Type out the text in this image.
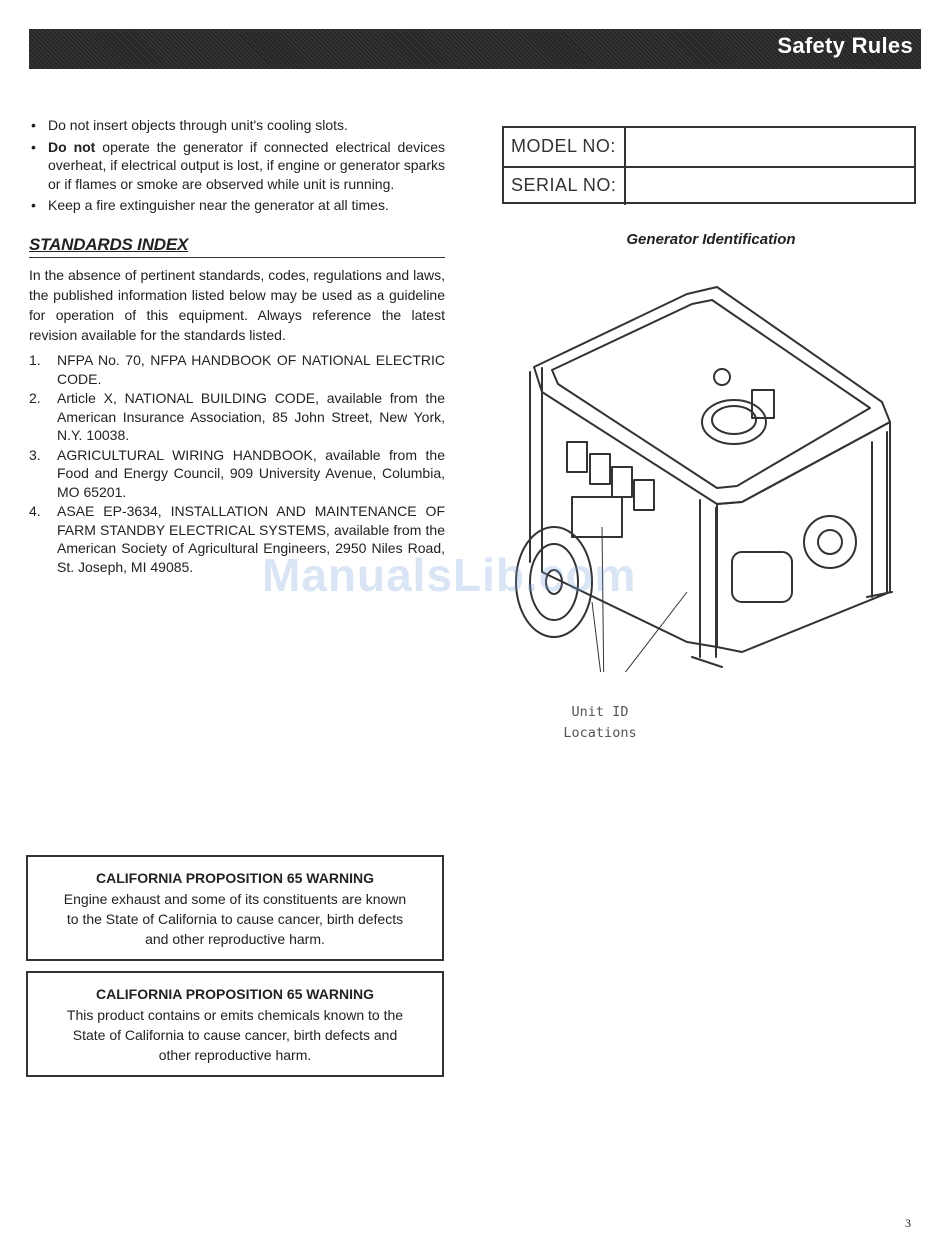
Safety Rules
• Do not insert objects through unit's cooling slots.
• Do not operate the generator if connected electrical devices overheat, if electrical output is lost, if engine or generator sparks or if flames or smoke are observed while unit is running.
• Keep a fire extinguisher near the generator at all times.
STANDARDS INDEX

In the absence of pertinent standards, codes, regulations and laws, the published information listed below may be used as a guideline for operation of this equipment. Always reference the latest revision available for the standards listed.

1. NFPA No. 70, NFPA HANDBOOK OF NATIONAL ELECTRIC CODE.
2. Article X, NATIONAL BUILDING CODE, available from the American Insurance Association, 85 John Street, New York, N.Y. 10038.
3. AGRICULTURAL WIRING HANDBOOK, available from the Food and Energy Council, 909 University Avenue, Columbia, MO 65201.
4. ASAE EP-3634, INSTALLATION AND MAINTENANCE OF FARM STANDBY ELECTRICAL SYSTEMS, available from the American Society of Agricultural Engineers, 2950 Niles Road, St. Joseph, MI 49085.
MODEL NO:
SERIAL NO:
Generator Identification
ManualsLib.com
Unit ID
Locations
CALIFORNIA PROPOSITION 65 WARNING
Engine exhaust and some of its constituents are known to the State of California to cause cancer, birth defects and other reproductive harm.
CALIFORNIA PROPOSITION 65 WARNING
This product contains or emits chemicals known to the State of California to cause cancer, birth defects and other reproductive harm.
3
